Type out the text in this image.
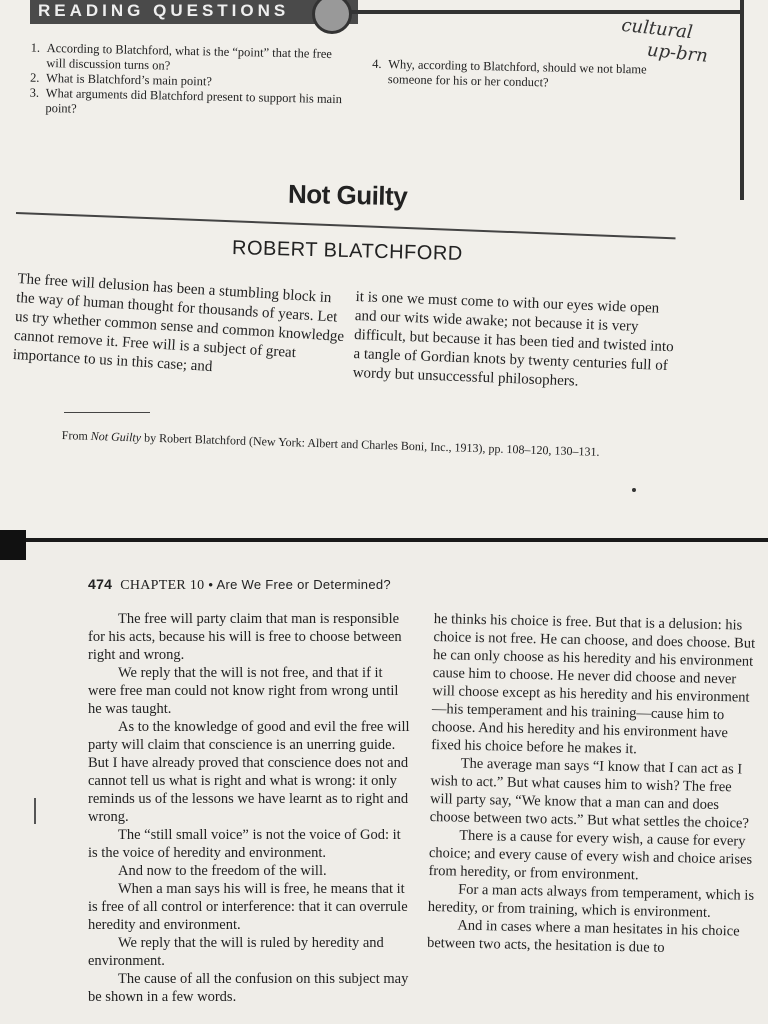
READING QUESTIONS
cultural
up-brn
1. According to Blatchford, what is the “point” that the free will discussion turns on?
2. What is Blatchford’s main point?
3. What arguments did Blatchford present to support his main point?
4. Why, according to Blatchford, should we not blame someone for his or her conduct?
Not Guilty
ROBERT BLATCHFORD
The free will delusion has been a stumbling block in the way of human thought for thousands of years. Let us try whether common sense and common knowledge cannot remove it. Free will is a subject of great importance to us in this case; and
it is one we must come to with our eyes wide open and our wits wide awake; not because it is very difficult, but because it has been tied and twisted into a tangle of Gordian knots by twenty centuries full of wordy but unsuccessful philosophers.
From Not Guilty by Robert Blatchford (New York: Albert and Charles Boni, Inc., 1913), pp. 108–120, 130–131.
474 CHAPTER 10 • Are We Free or Determined?

The free will party claim that man is responsible for his acts, because his will is free to choose between right and wrong.

We reply that the will is not free, and that if it were free man could not know right from wrong until he was taught.

As to the knowledge of good and evil the free will party will claim that conscience is an unerring guide. But I have already proved that conscience does not and cannot tell us what is right and what is wrong: it only reminds us of the lessons we have learnt as to right and wrong.

The “still small voice” is not the voice of God: it is the voice of heredity and environment.

And now to the freedom of the will.

When a man says his will is free, he means that it is free of all control or interference: that it can overrule heredity and environment.

We reply that the will is ruled by heredity and environment.

The cause of all the confusion on this subject may be shown in a few words.

he thinks his choice is free. But that is a delusion: his choice is not free. He can choose, and does choose. But he can only choose as his heredity and his environment cause him to choose. He never did choose and never will choose except as his heredity and his environment—his temperament and his training—cause him to choose. And his heredity and his environment have fixed his choice before he makes it.

The average man says “I know that I can act as I wish to act.” But what causes him to wish? The free will party say, “We know that a man can and does choose between two acts.” But what settles the choice?

There is a cause for every wish, a cause for every choice; and every cause of every wish and choice arises from heredity, or from environment.

For a man acts always from temperament, which is heredity, or from training, which is environment.

And in cases where a man hesitates in his choice between two acts, the hesitation is due to
